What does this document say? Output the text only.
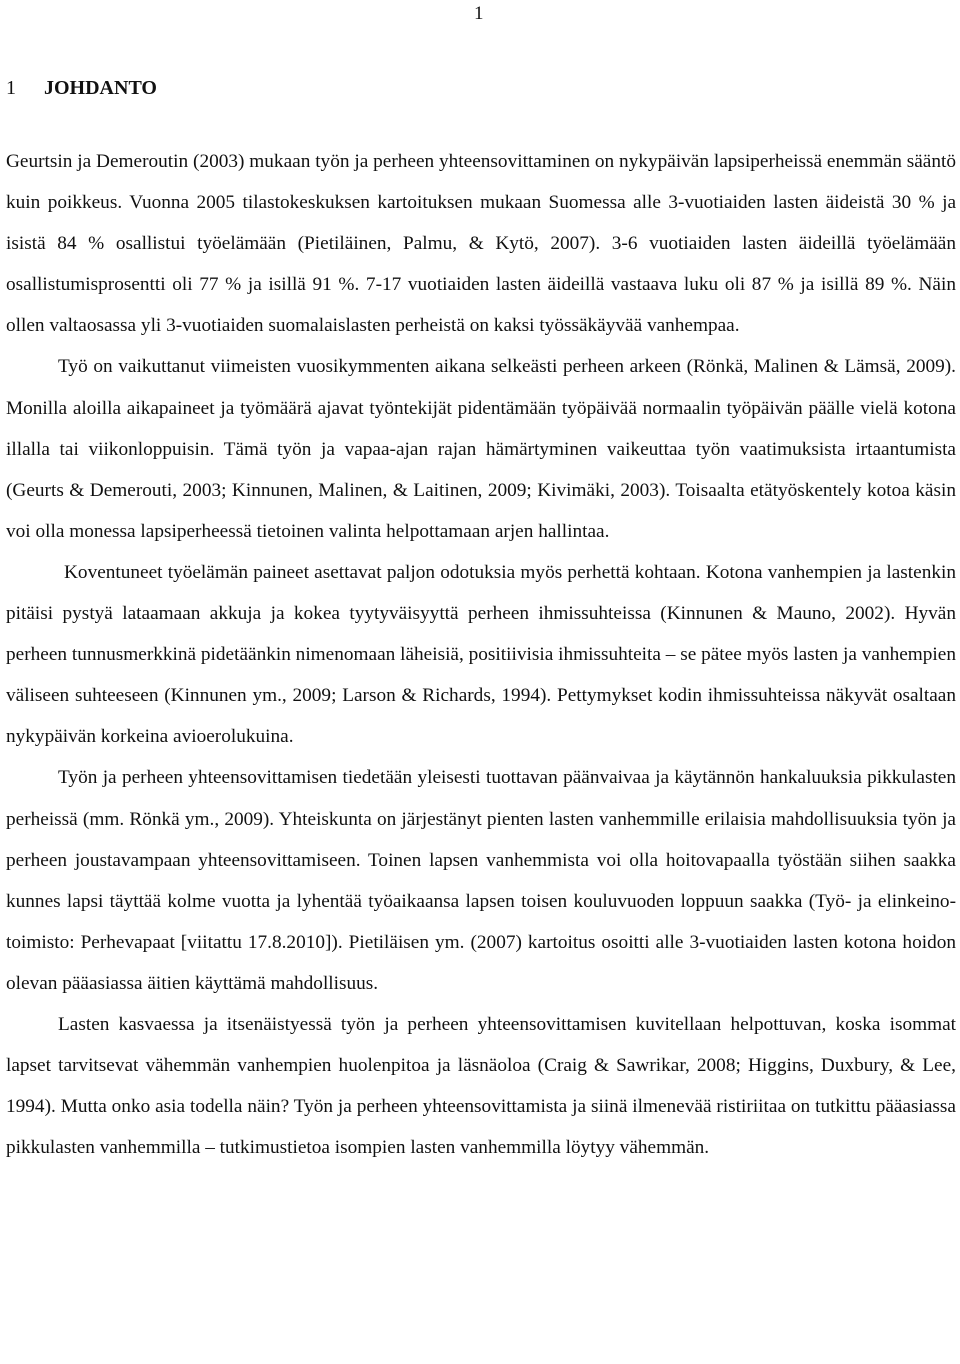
1
1	JOHDANTO

Geurtsin ja Demeroutin (2003) mukaan työn ja perheen yhteensovittaminen on nykypäivän lapsiperheissä enemmän sääntö kuin poikkeus. Vuonna 2005 tilastokeskuksen kartoituksen mukaan Suomessa alle 3-vuotiaiden lasten äideistä 30 % ja isistä 84 % osallistui työelämään (Pietiläinen, Palmu, & Kytö, 2007). 3-6 vuotiaiden lasten äideillä työelämään osallistumisprosentti oli 77 % ja isillä 91 %. 7-17 vuotiaiden lasten äideillä vastaava luku oli 87 % ja isillä 89 %. Näin ollen valtaosassa yli 3-vuotiaiden suomalaislasten perheistä on kaksi työssäkäyvää vanhempaa.

Työ on vaikuttanut viimeisten vuosikymmenten aikana selkeästi perheen arkeen (Rönkä, Malinen & Lämsä, 2009). Monilla aloilla aikapaineet ja työmäärä ajavat työntekijät pidentämään työpäivää normaalin työpäivän päälle vielä kotona illalla tai viikonloppuisin. Tämä työn ja vapaa-ajan rajan hämärtyminen vaikeuttaa työn vaatimuksista irtaantumista (Geurts & Demerouti, 2003; Kinnunen, Malinen, & Laitinen, 2009; Kivimäki, 2003). Toisaalta etätyöskentely kotoa käsin voi olla monessa lapsiperheessä tietoinen valinta helpottamaan arjen hallintaa.

Koventuneet työelämän paineet asettavat paljon odotuksia myös perhettä kohtaan. Kotona vanhempien ja lastenkin pitäisi pystyä lataamaan akkuja ja kokea tyytyväisyyttä perheen ihmissuhteissa (Kinnunen & Mauno, 2002). Hyvän perheen tunnusmerkkinä pidetäänkin nimenomaan läheisiä, positiivisia ihmissuhteita – se pätee myös lasten ja vanhempien väliseen suhteeseen (Kinnunen ym., 2009; Larson & Richards, 1994). Pettymykset kodin ihmissuhteissa näkyvät osaltaan nykypäivän korkeina avioerolukuina.

Työn ja perheen yhteensovittamisen tiedetään yleisesti tuottavan päänvaivaa ja käytännön hankaluuksia pikkulasten perheissä (mm. Rönkä ym., 2009). Yhteiskunta on järjestänyt pienten lasten vanhemmille erilaisia mahdollisuuksia työn ja perheen joustavampaan yhteensovittamiseen. Toinen lapsen vanhemmista voi olla hoitovapaalla työstään siihen saakka kunnes lapsi täyttää kolme vuotta ja lyhentää työaikaansa lapsen toisen kouluvuoden loppuun saakka (Työ- ja elinkeinotoimisto: Perhevapaat [viitattu 17.8.2010]). Pietiläisen ym. (2007) kartoitus osoitti alle 3-vuotiaiden lasten kotona hoidon olevan pääasiassa äitien käyttämä mahdollisuus.

Lasten kasvaessa ja itsenäistyessä työn ja perheen yhteensovittamisen kuvitellaan helpottuvan, koska isommat lapset tarvitsevat vähemmän vanhempien huolenpitoa ja läsnäoloa (Craig & Sawrikar, 2008; Higgins, Duxbury, & Lee, 1994). Mutta onko asia todella näin? Työn ja perheen yhteensovittamista ja siinä ilmenevää ristiriitaa on tutkittu pääasiassa pikkulasten vanhemmilla – tutkimustietoa isompien lasten vanhemmilla löytyy vähemmän.
